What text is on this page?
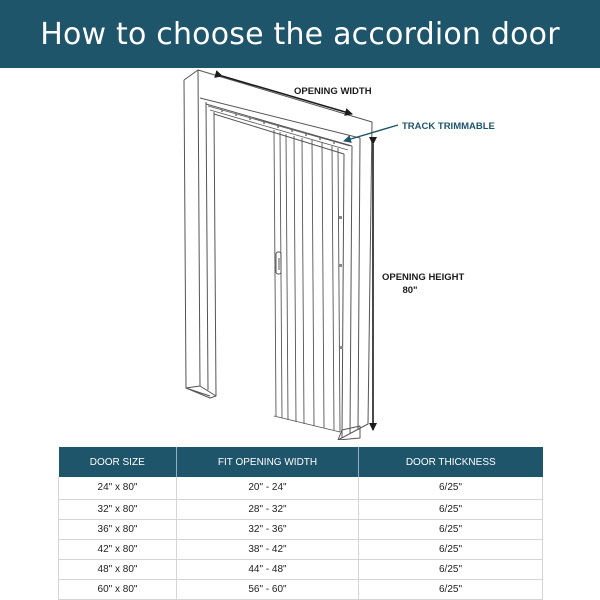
How to choose the accordion door
OPENING WIDTH
TRACK TRIMMABLE
OPENING HEIGHT
80"
DOOR SIZE	FIT OPENING WIDTH	DOOR THICKNESS
24" x 80"	20" - 24"	6/25"
32" x 80"	28" - 32"	6/25"
36" x 80"	32" - 36"	6/25"
42" x 80"	38" - 42"	6/25"
48" x 80"	44" - 48"	6/25"
60" x 80"	56" - 60"	6/25"
